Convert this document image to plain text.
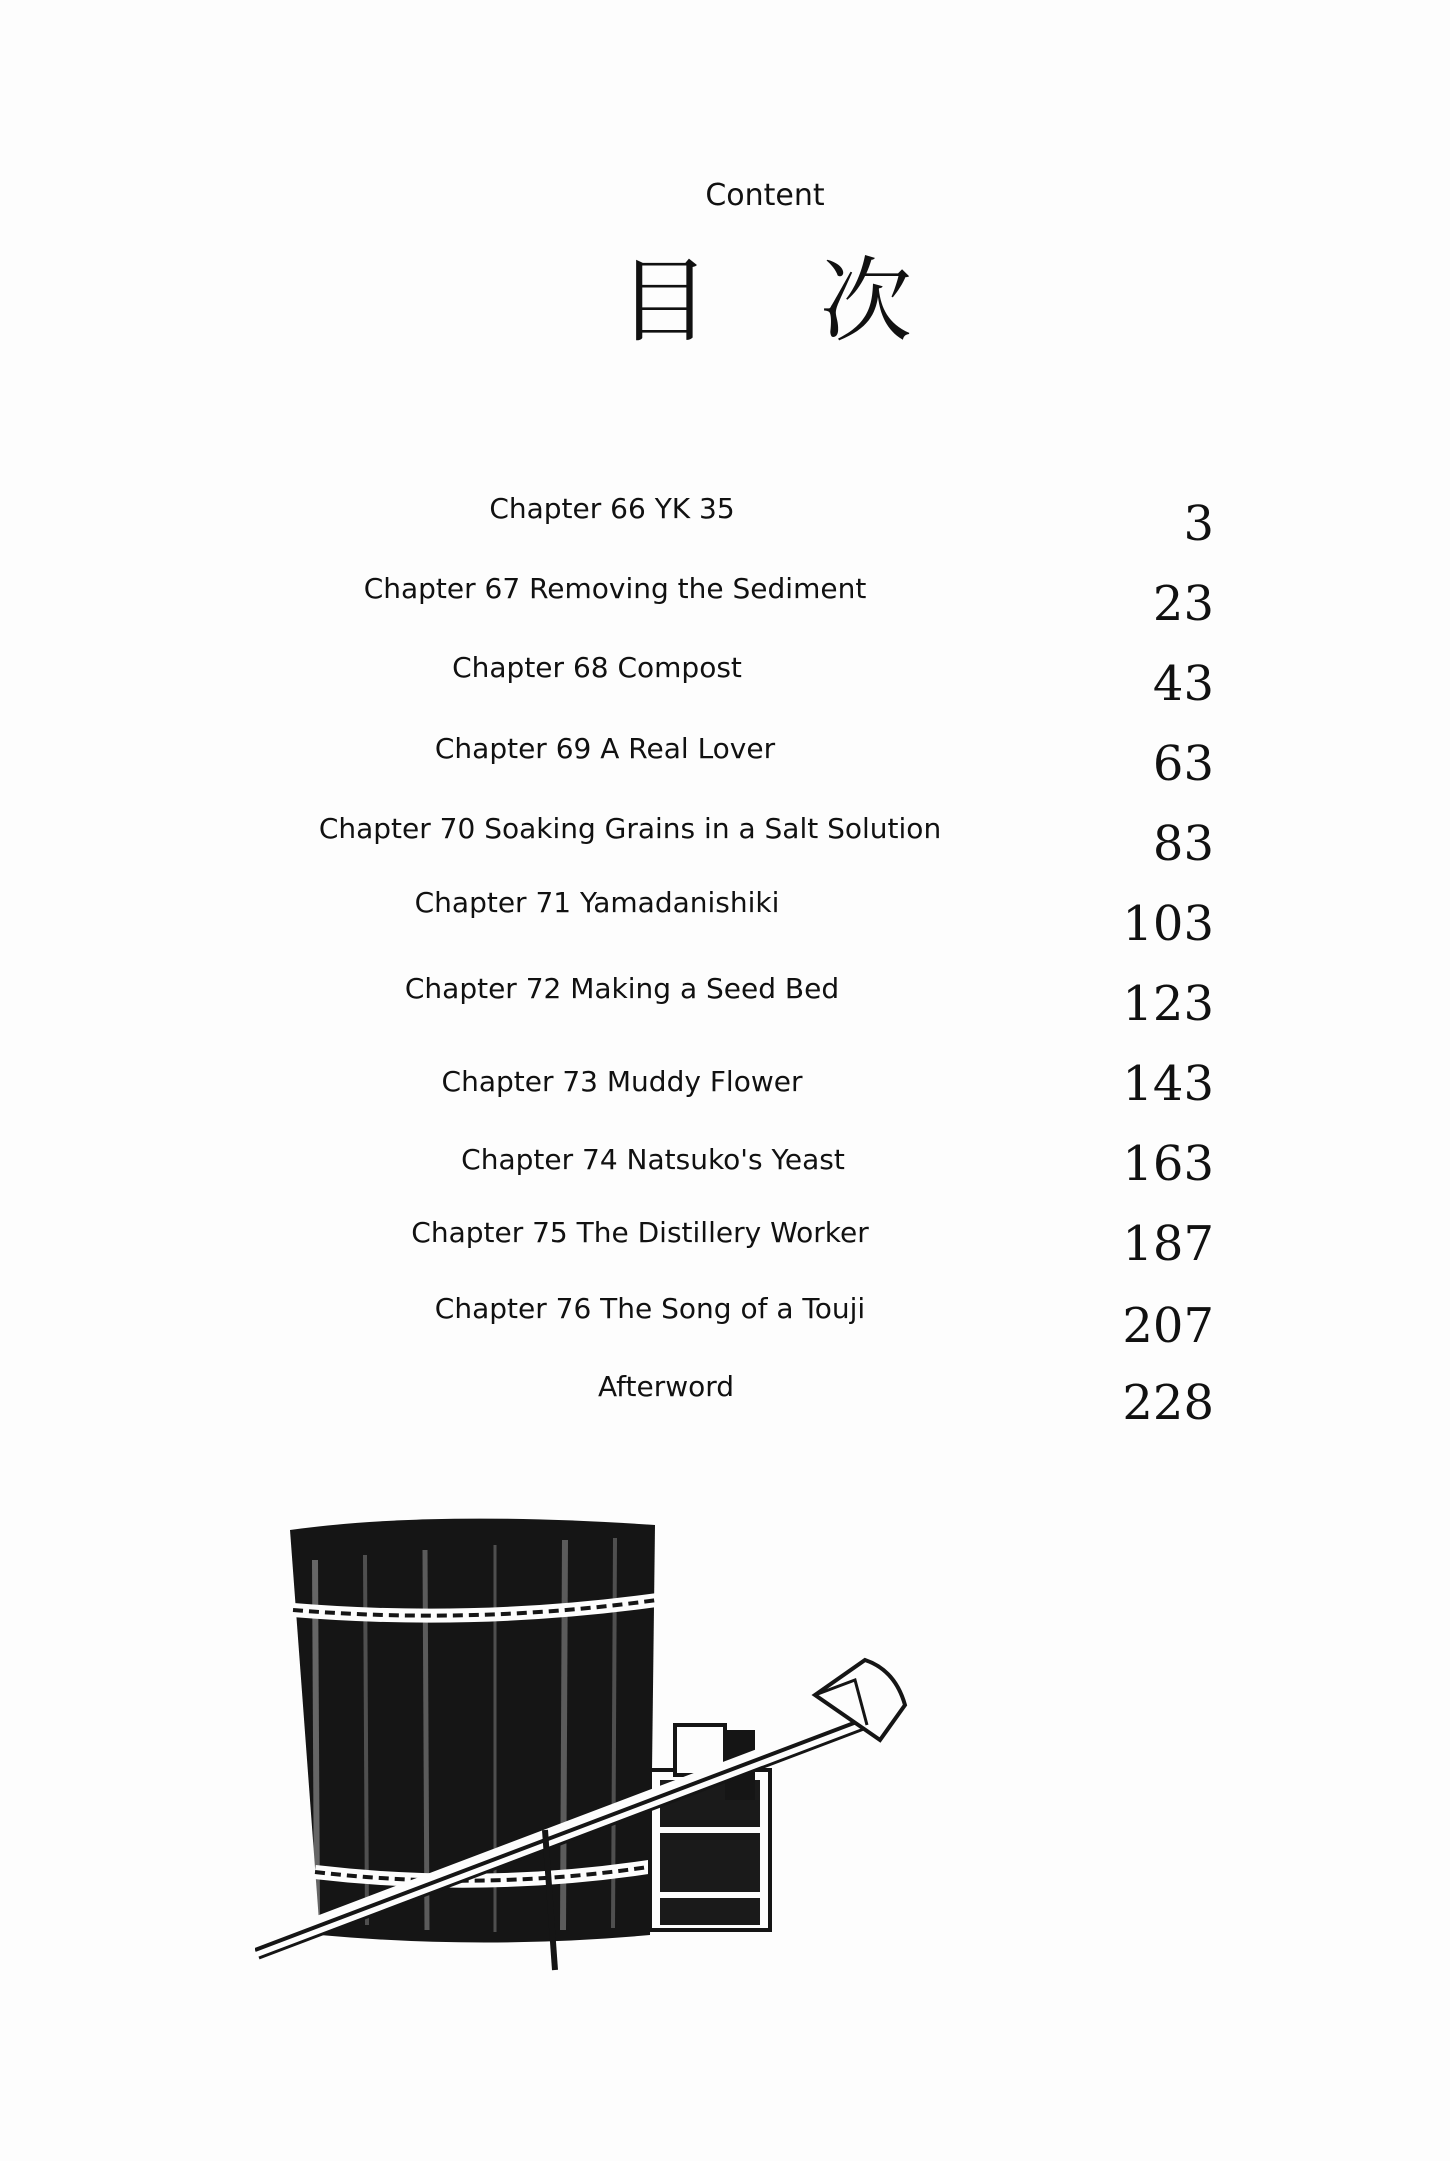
Content
目次
Chapter 66 YK 35	3
Chapter 67 Removing the Sediment	23
Chapter 68 Compost	43
Chapter 69 A Real Lover	63
Chapter 70 Soaking Grains in a Salt Solution	83
Chapter 71 Yamadanishiki	103
Chapter 72 Making a Seed Bed	123
Chapter 73 Muddy Flower	143
Chapter 74 Natsuko's Yeast	163
Chapter 75 The Distillery Worker	187
Chapter 76 The Song of a Touji	207
Afterword	228
